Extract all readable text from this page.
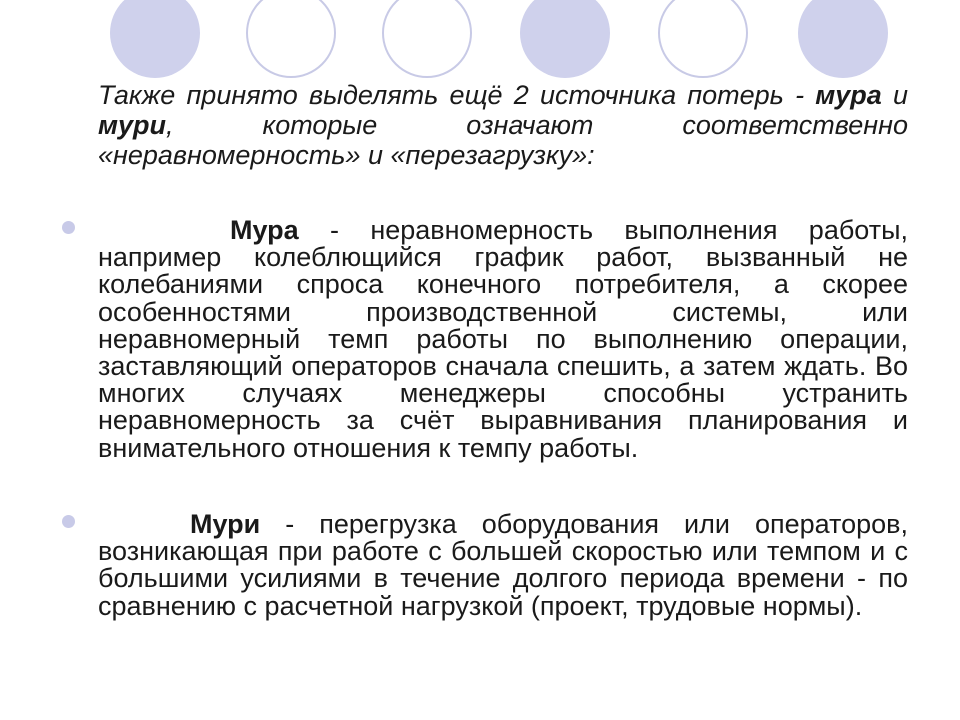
Также принято выделять ещё 2 источника потерь - мура и мури, которые означают соответственно «неравномерность» и «перезагрузку»:
Мура - неравномерность выполнения работы, например колеблющийся график работ, вызванный не колебаниями спроса конечного потребителя, а скорее особенностями производственной системы, или неравномерный темп работы по выполнению операции, заставляющий операторов сначала спешить, а затем ждать. Во многих случаях менеджеры способны устранить неравномерность за счёт выравнивания планирования и внимательного отношения к темпу работы.
Мури - перегрузка оборудования или операторов, возникающая при работе с большей скоростью или темпом и с большими усилиями в течение долгого периода времени - по сравнению с расчетной нагрузкой (проект, трудовые нормы).
